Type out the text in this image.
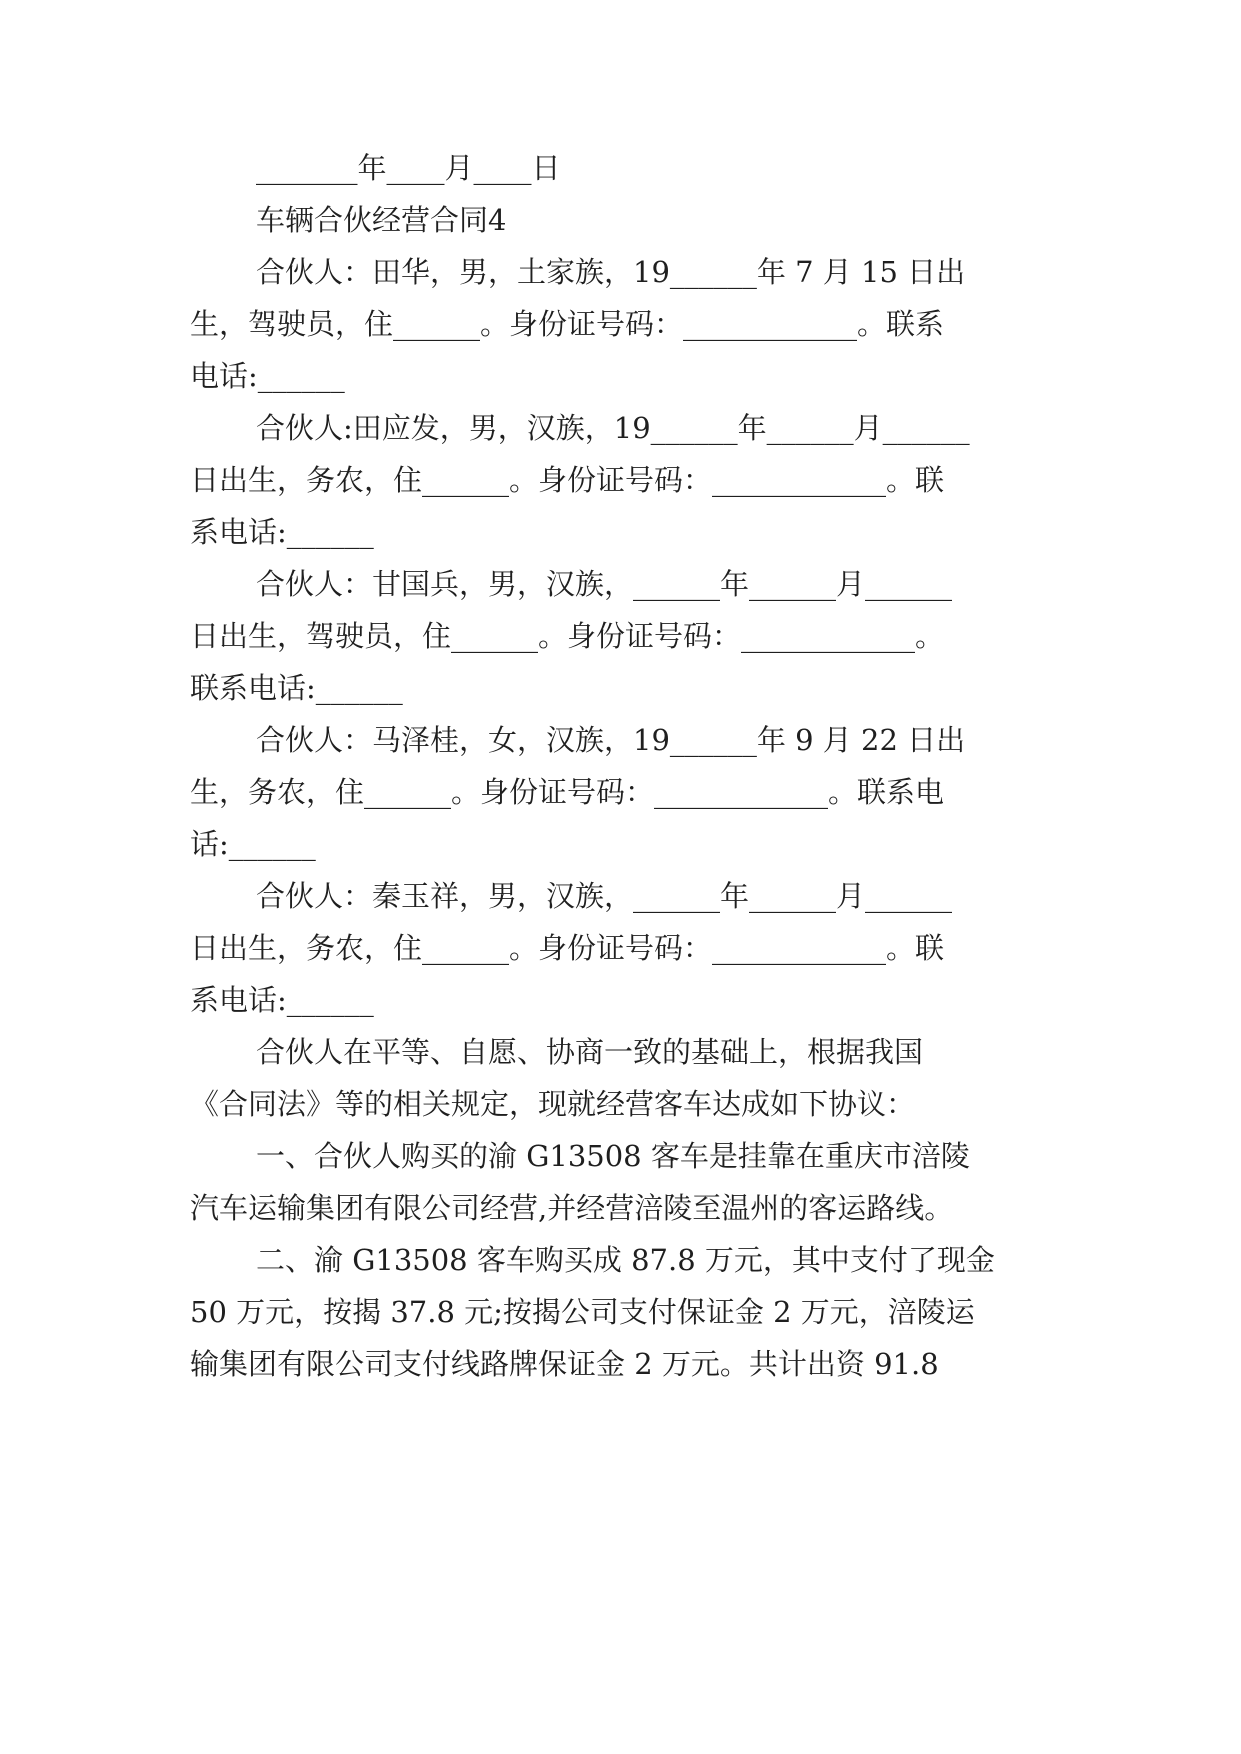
_______年____月____日

车辆合伙经营合同4

合伙人：田华，男，土家族，19______年 7 月 15 日出

生，驾驶员，住______。身份证号码：____________。联系

电话:______

合伙人:田应发，男，汉族，19______年______月______

日出生，务农，住______。身份证号码：____________。联

系电话:______

合伙人：甘国兵，男，汉族，______年______月______

日出生，驾驶员，住______。身份证号码：____________。

联系电话:______

合伙人：马泽桂，女，汉族，19______年 9 月 22 日出

生，务农，住______。身份证号码：____________。联系电

话:______

合伙人：秦玉祥，男，汉族，______年______月______

日出生，务农，住______。身份证号码：____________。联

系电话:______

合伙人在平等、自愿、协商一致的基础上，根据我国

《合同法》等的相关规定，现就经营客车达成如下协议：

一、合伙人购买的渝 G13508 客车是挂靠在重庆市涪陵

汽车运输集团有限公司经营,并经营涪陵至温州的客运路线。

二、渝 G13508 客车购买成 87.8 万元，其中支付了现金

50 万元，按揭 37.8 元;按揭公司支付保证金 2 万元，涪陵运

输集团有限公司支付线路牌保证金 2 万元。共计出资 91.8
